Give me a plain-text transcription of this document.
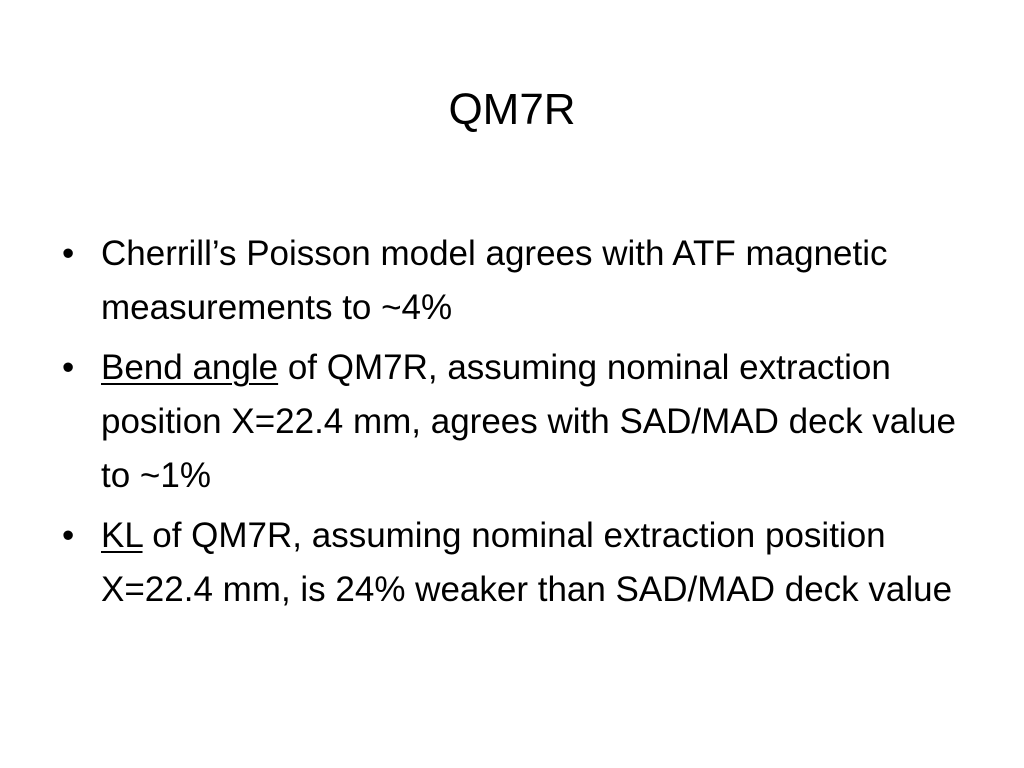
QM7R
• Cherrill’s Poisson model agrees with ATF magnetic measurements to ~4%
• Bend angle of QM7R, assuming nominal extraction position X=22.4 mm, agrees with SAD/MAD deck value to ~1%
• KL of QM7R, assuming nominal extraction position X=22.4 mm, is 24% weaker than SAD/MAD deck value
